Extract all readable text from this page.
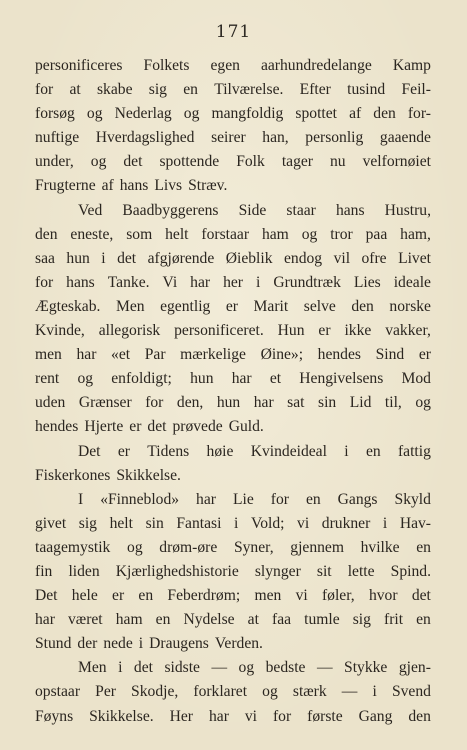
171
personificeres Folkets egen aarhundredelange Kamp
for at skabe sig en Tilværelse. Efter tusind Feil-
forsøg og Nederlag og mangfoldig spottet af den for-
nuftige Hverdagslighed seirer han, personlig gaaende
under, og det spottende Folk tager nu velfornøiet
Frugterne af hans Livs Stræv.
Ved Baadbyggerens Side staar hans Hustru,
den eneste, som helt forstaar ham og tror paa ham,
saa hun i det afgjørende Øieblik endog vil ofre Livet
for hans Tanke. Vi har her i Grundtræk Lies ideale
Ægteskab. Men egentlig er Marit selve den norske
Kvinde, allegorisk personificeret. Hun er ikke vakker,
men har «et Par mærkelige Øine»; hendes Sind er
rent og enfoldigt; hun har et Hengivelsens Mod
uden Grænser for den, hun har sat sin Lid til, og
hendes Hjerte er det prøvede Guld.
Det er Tidens høie Kvindeideal i en fattig
Fiskerkones Skikkelse.
I «Finneblod» har Lie for en Gangs Skyld
givet sig helt sin Fantasi i Vold; vi drukner i Hav-
taagemystik og drøm-øre Syner, gjennem hvilke en
fin liden Kjærlighedshistorie slynger sit lette Spind.
Det hele er en Feberdrøm; men vi føler, hvor det
har været ham en Nydelse at faa tumle sig frit en
Stund der nede i Draugens Verden.
Men i det sidste — og bedste — Stykke gjen-
opstaar Per Skodje, forklaret og stærk — i Svend
Føyns Skikkelse. Her har vi for første Gang den
